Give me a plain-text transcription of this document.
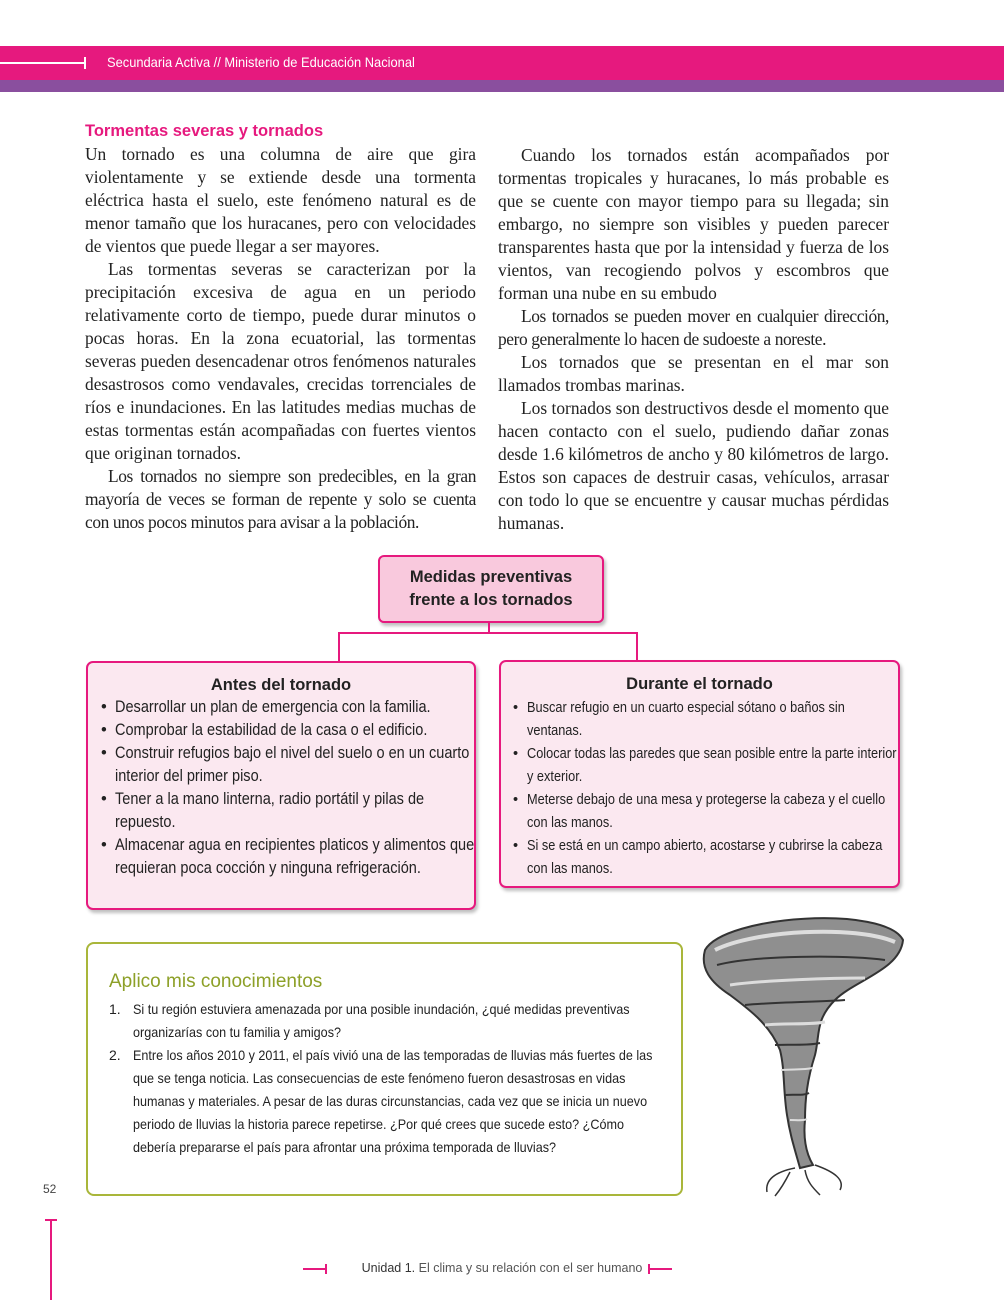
Secundaria Activa // Ministerio de Educación Nacional
Tormentas severas y tornados

Un tornado es una columna de aire que gira violentamente y se extiende desde una tormenta eléctrica hasta el suelo, este fenómeno natural es de menor tamaño que los huracanes, pero con velocidades de vientos que puede llegar a ser mayores.

Las tormentas severas se caracterizan por la precipitación excesiva de agua en un periodo relativamente corto de tiempo, puede durar minutos o pocas horas. En la zona ecuatorial, las tormentas severas pueden desencadenar otros fenómenos naturales desastrosos como vendavales, crecidas torrenciales de ríos e inundaciones. En las latitudes medias muchas de estas tormentas están acompañadas con fuertes vientos que originan tornados.

Los tornados no siempre son predecibles, en la gran mayoría de veces se forman de repente y solo se cuenta con unos pocos minutos para avisar a la población.

Cuando los tornados están acompañados por tormentas tropicales y huracanes, lo más probable es que se cuente con mayor tiempo para su llegada; sin embargo, no siempre son visibles y pueden parecer transparentes hasta que por la intensidad y fuerza de los vientos, van recogiendo polvos y escombros que forman una nube en su embudo

Los tornados se pueden mover en cualquier dirección, pero generalmente lo hacen de sudoeste a noreste.

Los tornados que se presentan en el mar son llamados trombas marinas.

Los tornados son destructivos desde el momento que hacen contacto con el suelo, pudiendo dañar zonas desde 1.6 kilómetros de ancho y 80 kilómetros de largo. Estos son capaces de destruir casas, vehículos, arrasar con todo lo que se encuentre y causar muchas pérdidas humanas.

Medidas preventivas
frente a los tornados
Antes del tornado
• Desarrollar un plan de emergencia con la familia.
• Comprobar la estabilidad de la casa o el edificio.
• Construir refugios bajo el nivel del suelo o en un cuarto interior del primer piso.
• Tener a la mano linterna, radio portátil y pilas de repuesto.
• Almacenar agua en recipientes platicos y alimentos que requieran poca cocción y ninguna refrigeración.
Durante el tornado
• Buscar refugio en un cuarto especial sótano o baños sin ventanas.
• Colocar todas las paredes que sean posible entre la parte interior y exterior.
• Meterse debajo de una mesa y protegerse la cabeza y el cuello con las manos.
• Si se está en un campo abierto, acostarse y cubrirse la cabeza con las manos.
Aplico mis conocimientos
1. Si tu región estuviera amenazada por una posible inundación, ¿qué medidas preventivas organizarías con tu familia y amigos?
2. Entre los años 2010 y 2011, el país vivió una de las temporadas de lluvias más fuertes de las que se tenga noticia. Las consecuencias de este fenómeno fueron desastrosas en vidas humanas y materiales. A pesar de las duras circunstancias, cada vez que se inicia un nuevo periodo de lluvias la historia parece repetirse. ¿Por qué crees que sucede esto? ¿Cómo debería prepararse el país para afrontar una próxima temporada de lluvias?
52
Unidad 1. El clima y su relación con el ser humano
